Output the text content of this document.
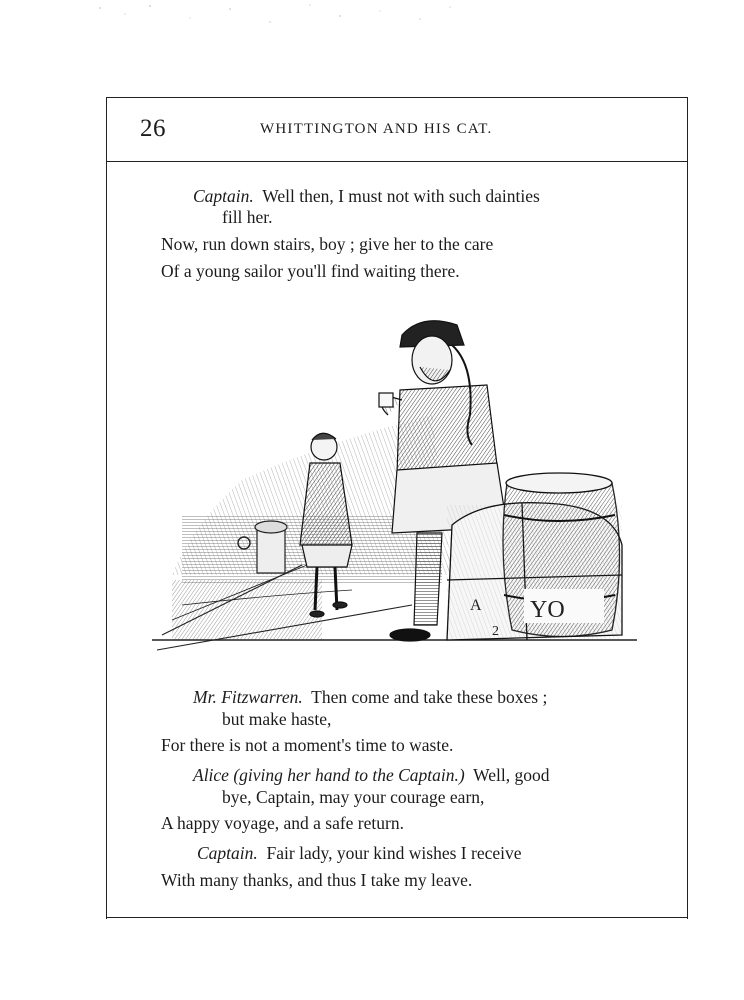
26	WHITTINGTON AND HIS CAT.
Captain. Well then, I must not with such dainties
fill her.
Now, run down stairs, boy ; give her to the care
Of a young sailor you'll find waiting there.
A
2
YO
Mr. Fitzwarren. Then come and take these boxes ;
but make haste,
For there is not a moment's time to waste.
Alice (giving her hand to the Captain.) Well, good
bye, Captain, may your courage earn,
A happy voyage, and a safe return.
Captain. Fair lady, your kind wishes I receive
With many thanks, and thus I take my leave.
